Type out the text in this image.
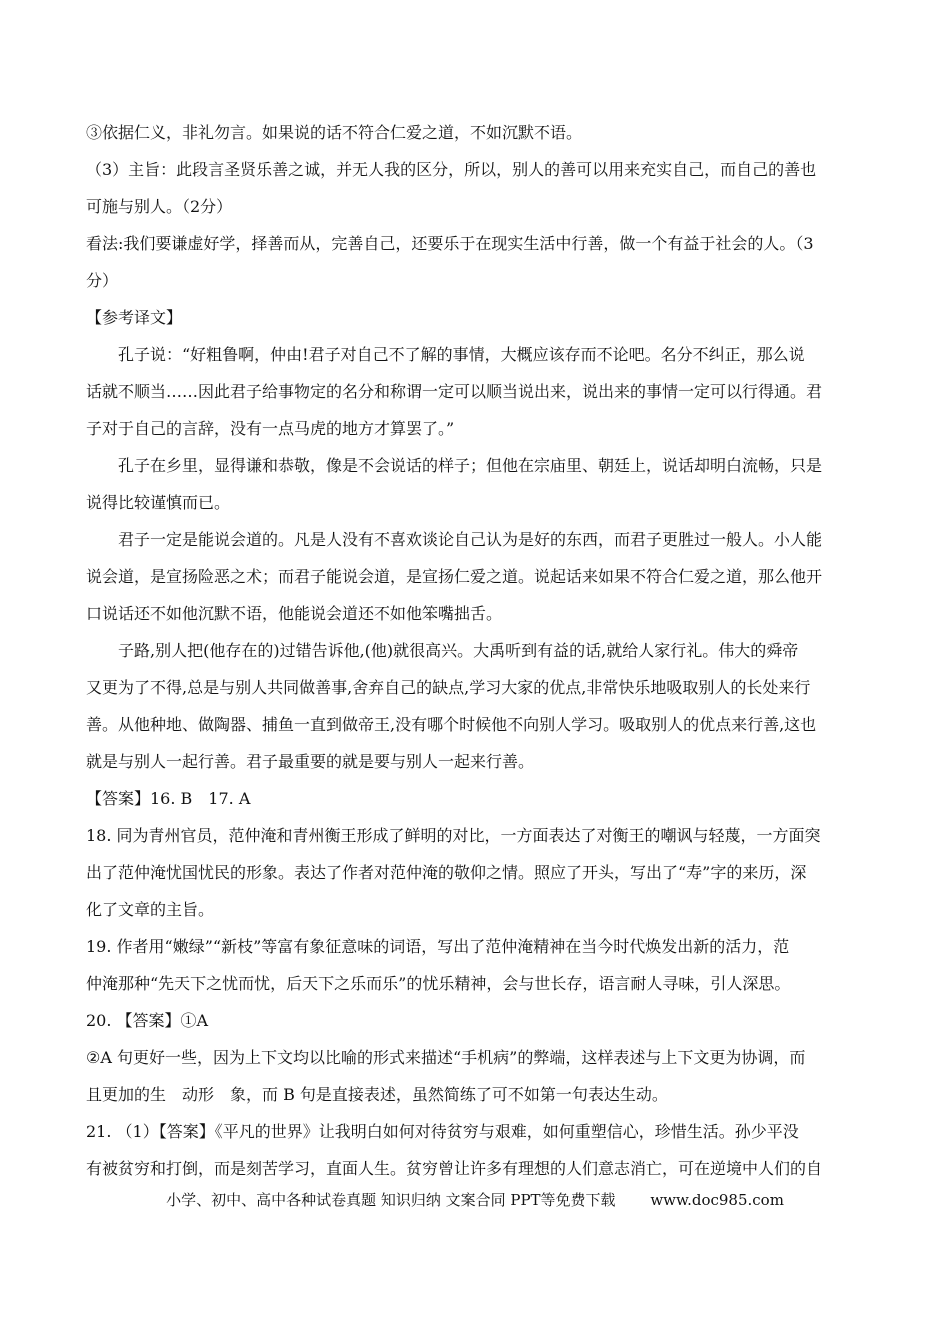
③依据仁义，非礼勿言。如果说的话不符合仁爱之道，不如沉默不语。
（3）主旨：此段言圣贤乐善之诚，并无人我的区分，所以，别人的善可以用来充实自己，而自己的善也
可施与别人。（2分）
看法:我们要谦虚好学，择善而从，完善自己，还要乐于在现实生活中行善，做一个有益于社会的人。（3
分）
【参考译文】
　　孔子说：“好粗鲁啊，仲由!君子对自己不了解的事情，大概应该存而不论吧。名分不纠正，那么说
话就不顺当……因此君子给事物定的名分和称谓一定可以顺当说出来，说出来的事情一定可以行得通。君
子对于自己的言辞，没有一点马虎的地方才算罢了。”
　　孔子在乡里，显得谦和恭敬，像是不会说话的样子；但他在宗庙里、朝廷上，说话却明白流畅，只是
说得比较谨慎而已。
　　君子一定是能说会道的。凡是人没有不喜欢谈论自己认为是好的东西，而君子更胜过一般人。小人能
说会道，是宣扬险恶之术；而君子能说会道，是宣扬仁爱之道。说起话来如果不符合仁爱之道，那么他开
口说话还不如他沉默不语，他能说会道还不如他笨嘴拙舌。
　　子路,别人把(他存在的)过错告诉他,(他)就很高兴。大禹听到有益的话,就给人家行礼。伟大的舜帝
又更为了不得,总是与别人共同做善事,舍弃自己的缺点,学习大家的优点,非常快乐地吸取别人的长处来行
善。从他种地、做陶器、捕鱼一直到做帝王,没有哪个时候他不向别人学习。吸取别人的优点来行善,这也
就是与别人一起行善。君子最重要的就是要与别人一起来行善。
【答案】16. B　17. A
18. 同为青州官员，范仲淹和青州衡王形成了鲜明的对比，一方面表达了对衡王的嘲讽与轻蔑，一方面突
出了范仲淹忧国忧民的形象。表达了作者对范仲淹的敬仰之情。照应了开头，写出了“寿”字的来历，深
化了文章的主旨。
19. 作者用“嫩绿”“新枝”等富有象征意味的词语，写出了范仲淹精神在当今时代焕发出新的活力，范
仲淹那种“先天下之忧而忧，后天下之乐而乐”的忧乐精神，会与世长存，语言耐人寻味，引人深思。
20. 【答案】①A
②A 句更好一些，因为上下文均以比喻的形式来描述“手机病”的弊端，这样表述与上下文更为协调，而
且更加的生　动形　象，而 B 句是直接表述，虽然简练了可不如第一句表达生动。
21. （1）【答案】《平凡的世界》让我明白如何对待贫穷与艰难，如何重塑信心，珍惜生活。孙少平没
有被贫穷和打倒，而是刻苦学习，直面人生。贫穷曾让许多有理想的人们意志消亡，可在逆境中人们的自
小学、初中、高中各种试卷真题 知识归纳 文案合同 PPT等免费下载 www.doc985.com
